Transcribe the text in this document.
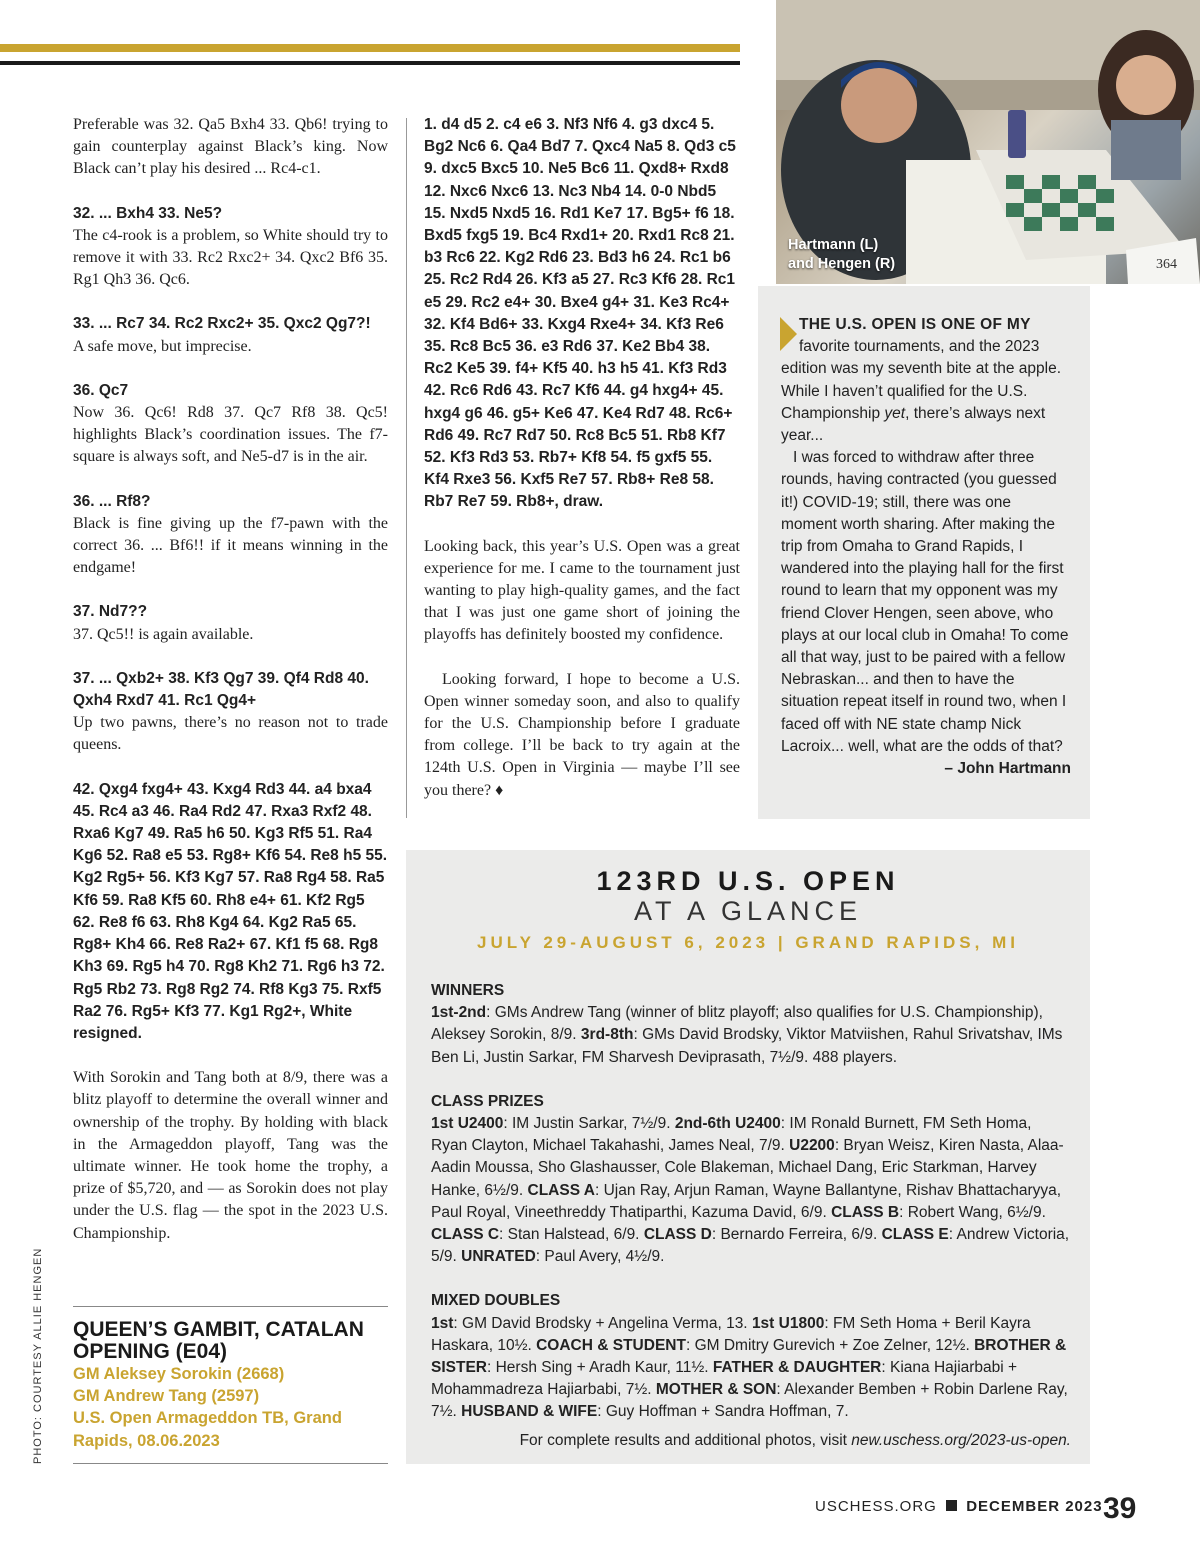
Preferable was 32. Qa5 Bxh4 33. Qb6! trying to gain counterplay against Black’s king. Now Black can’t play his desired ... Rc4-c1.

32. ... Bxh4 33. Ne5?
The c4-rook is a problem, so White should try to remove it with 33. Rc2 Rxc2+ 34. Qxc2 Bf6 35. Rg1 Qh3 36. Qc6.

33. ... Rc7 34. Rc2 Rxc2+ 35. Qxc2 Qg7?!
A safe move, but imprecise.

36. Qc7
Now 36. Qc6! Rd8 37. Qc7 Rf8 38. Qc5! highlights Black’s coordination issues. The f7-square is always soft, and Ne5-d7 is in the air.

36. ... Rf8?
Black is fine giving up the f7-pawn with the correct 36. ... Bf6!! if it means winning in the endgame!

37. Nd7??
37. Qc5!! is again available.

37. ... Qxb2+ 38. Kf3 Qg7 39. Qf4 Rd8 40. Qxh4 Rxd7 41. Rc1 Qg4+
Up two pawns, there’s no reason not to trade queens.

42. Qxg4 fxg4+ 43. Kxg4 Rd3 44. a4 bxa4 45. Rc4 a3 46. Ra4 Rd2 47. Rxa3 Rxf2 48. Rxa6 Kg7 49. Ra5 h6 50. Kg3 Rf5 51. Ra4 Kg6 52. Ra8 e5 53. Rg8+ Kf6 54. Re8 h5 55. Kg2 Rg5+ 56. Kf3 Kg7 57. Ra8 Rg4 58. Ra5 Kf6 59. Ra8 Kf5 60. Rh8 e4+ 61. Kf2 Rg5 62. Re8 f6 63. Rh8 Kg4 64. Kg2 Ra5 65. Rg8+ Kh4 66. Re8 Ra2+ 67. Kf1 f5 68. Rg8 Kh3 69. Rg5 h4 70. Rg8 Kh2 71. Rg6 h3 72. Rg5 Rb2 73. Rg8 Rg2 74. Rf8 Kg3 75. Rxf5 Ra2 76. Rg5+ Kf3 77. Kg1 Rg2+, White resigned.

With Sorokin and Tang both at 8/9, there was a blitz playoff to determine the overall winner and ownership of the trophy. By holding with black in the Armageddon playoff, Tang was the ultimate winner. He took home the trophy, a prize of $5,720, and — as Sorokin does not play under the U.S. flag — the spot in the 2023 U.S. Championship.

QUEEN’S GAMBIT, CATALAN OPENING (E04)
GM Aleksey Sorokin (2668)
GM Andrew Tang (2597)
U.S. Open Armageddon TB, Grand Rapids, 08.06.2023

1. d4 d5 2. c4 e6 3. Nf3 Nf6 4. g3 dxc4 5. Bg2 Nc6 6. Qa4 Bd7 7. Qxc4 Na5 8. Qd3 c5 9. dxc5 Bxc5 10. Ne5 Bc6 11. Qxd8+ Rxd8 12. Nxc6 Nxc6 13. Nc3 Nb4 14. 0-0 Nbd5 15. Nxd5 Nxd5 16. Rd1 Ke7 17. Bg5+ f6 18. Bxd5 fxg5 19. Bc4 Rxd1+ 20. Rxd1 Rc8 21. b3 Rc6 22. Kg2 Rd6 23. Bd3 h6 24. Rc1 b6 25. Rc2 Rd4 26. Kf3 a5 27. Rc3 Kf6 28. Rc1 e5 29. Rc2 e4+ 30. Bxe4 g4+ 31. Ke3 Rc4+ 32. Kf4 Bd6+ 33. Kxg4 Rxe4+ 34. Kf3 Re6 35. Rc8 Bc5 36. e3 Rd6 37. Ke2 Bb4 38. Rc2 Ke5 39. f4+ Kf5 40. h3 h5 41. Kf3 Rd3 42. Rc6 Rd6 43. Rc7 Kf6 44. g4 hxg4+ 45. hxg4 g6 46. g5+ Ke6 47. Ke4 Rd7 48. Rc6+ Rd6 49. Rc7 Rd7 50. Rc8 Bc5 51. Rb8 Kf7 52. Kf3 Rd3 53. Rb7+ Kf8 54. f5 gxf5 55. Kf4 Rxe3 56. Kxf5 Re7 57. Rb8+ Re8 58. Rb7 Re7 59. Rb8+, draw.

Looking back, this year’s U.S. Open was a great experience for me. I came to the tournament just wanting to play high-quality games, and the fact that I was just one game short of joining the playoffs has definitely boosted my confidence.

Looking forward, I hope to become a U.S. Open winner someday soon, and also to qualify for the U.S. Championship before I graduate from college. I’ll be back to try again at the 124th U.S. Open in Virginia — maybe I’ll see you there? ♦

364
Hartmann (L)
and Hengen (R)
THE U.S. OPEN IS ONE OF MY
favorite tournaments, and the 2023 edition was my seventh bite at the apple. While I haven’t qualified for the U.S. Championship yet, there’s always next year...
I was forced to withdraw after three rounds, having contracted (you guessed it!) COVID-19; still, there was one moment worth sharing. After making the trip from Omaha to Grand Rapids, I wandered into the playing hall for the first round to learn that my opponent was my friend Clover Hengen, seen above, who plays at our local club in Omaha! To come all that way, just to be paired with a fellow Nebraskan... and then to have the situation repeat itself in round two, when I faced off with NE state champ Nick Lacroix... well, what are the odds of that?
– John Hartmann
123RD U.S. OPEN
AT A GLANCE
JULY 29-AUGUST 6, 2023 | GRAND RAPIDS, MI
WINNERS
1st-2nd: GMs Andrew Tang (winner of blitz playoff; also qualifies for U.S. Championship), Aleksey Sorokin, 8/9. 3rd-8th: GMs David Brodsky, Viktor Matviishen, Rahul Srivatshav, IMs Ben Li, Justin Sarkar, FM Sharvesh Deviprasath, 7½/9. 488 players.
CLASS PRIZES
1st U2400: IM Justin Sarkar, 7½/9. 2nd-6th U2400: IM Ronald Burnett, FM Seth Homa, Ryan Clayton, Michael Takahashi, James Neal, 7/9. U2200: Bryan Weisz, Kiren Nasta, Alaa-Aadin Moussa, Sho Glashausser, Cole Blakeman, Michael Dang, Eric Starkman, Harvey Hanke, 6½/9. CLASS A: Ujan Ray, Arjun Raman, Wayne Ballantyne, Rishav Bhattacharyya, Paul Royal, Vineethreddy Thatiparthi, Kazuma David, 6/9. CLASS B: Robert Wang, 6½/9. CLASS C: Stan Halstead, 6/9. CLASS D: Bernardo Ferreira, 6/9. CLASS E: Andrew Victoria, 5/9. UNRATED: Paul Avery, 4½/9.
MIXED DOUBLES
1st: GM David Brodsky + Angelina Verma, 13. 1st U1800: FM Seth Homa + Beril Kayra Haskara, 10½. COACH & STUDENT: GM Dmitry Gurevich + Zoe Zelner, 12½. BROTHER & SISTER: Hersh Sing + Aradh Kaur, 11½. FATHER & DAUGHTER: Kiana Hajiarbabi + Mohammadreza Hajiarbabi, 7½. MOTHER & SON: Alexander Bemben + Robin Darlene Ray, 7½. HUSBAND & WIFE: Guy Hoffman + Sandra Hoffman, 7.
For complete results and additional photos, visit new.uschess.org/2023-us-open.
PHOTO: COURTESY ALLIE HENGEN
USCHESS.ORG DECEMBER 2023 39
